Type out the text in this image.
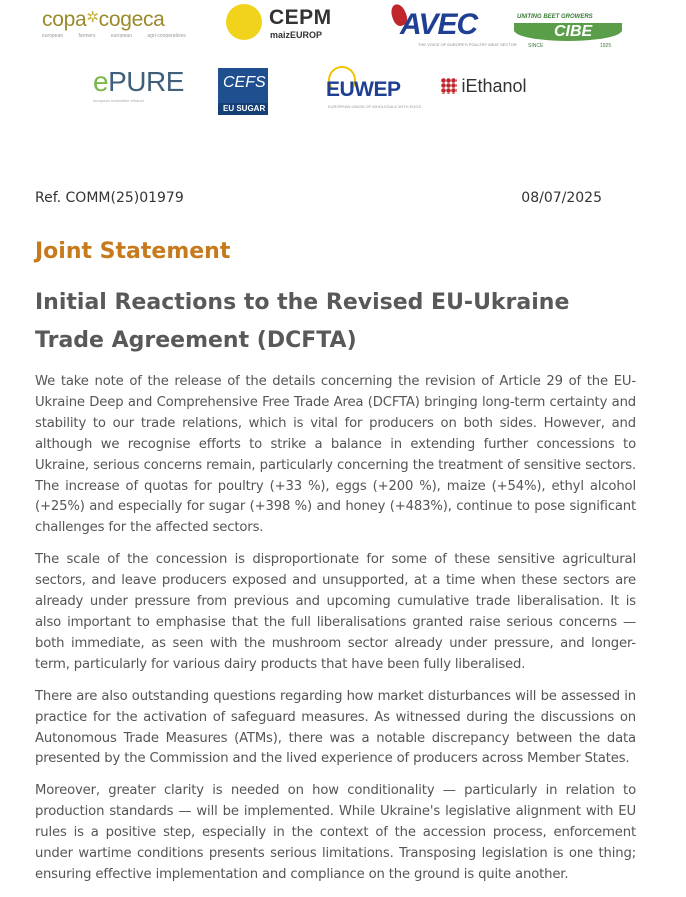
copa✲cogeca
european farmers european agri-cooperatives
CEPM
maizEUROP	AVEC
THE VOICE OF EUROPE'S POULTRY MEAT SECTOR
UNITING BEET GROWERS
CIBE
SINCE	1925
ePURE
european renewable ethanol
CEFS
EU SUGAR
EUWEP
EUROPEAN UNION OF WHOLESALE WITH EGGS
iEthanol
Ref. COMM(25)01979	08/07/2025
Joint Statement
Initial Reactions to the Revised EU-Ukraine Trade Agreement (DCFTA)

We take note of the release of the details concerning the revision of Article 29 of the EU-Ukraine Deep and Comprehensive Free Trade Area (DCFTA) bringing long-term certainty and stability to our trade relations, which is vital for producers on both sides. However, and although we recognise efforts to strike a balance in extending further concessions to Ukraine, serious concerns remain, particularly concerning the treatment of sensitive sectors. The increase of quotas for poultry (+33 %), eggs (+200 %), maize (+54%), ethyl alcohol (+25%) and especially for sugar (+398 %) and honey (+483%), continue to pose significant challenges for the affected sectors.

The scale of the concession is disproportionate for some of these sensitive agricultural sectors, and leave producers exposed and unsupported, at a time when these sectors are already under pressure from previous and upcoming cumulative trade liberalisation. It is also important to emphasise that the full liberalisations granted raise serious concerns — both immediate, as seen with the mushroom sector already under pressure, and longer-term, particularly for various dairy products that have been fully liberalised.

There are also outstanding questions regarding how market disturbances will be assessed in practice for the activation of safeguard measures. As witnessed during the discussions on Autonomous Trade Measures (ATMs), there was a notable discrepancy between the data presented by the Commission and the lived experience of producers across Member States.

Moreover, greater clarity is needed on how conditionality — particularly in relation to production standards — will be implemented. While Ukraine's legislative alignment with EU rules is a positive step, especially in the context of the accession process, enforcement under wartime conditions presents serious limitations. Transposing legislation is one thing; ensuring effective implementation and compliance on the ground is quite another.
